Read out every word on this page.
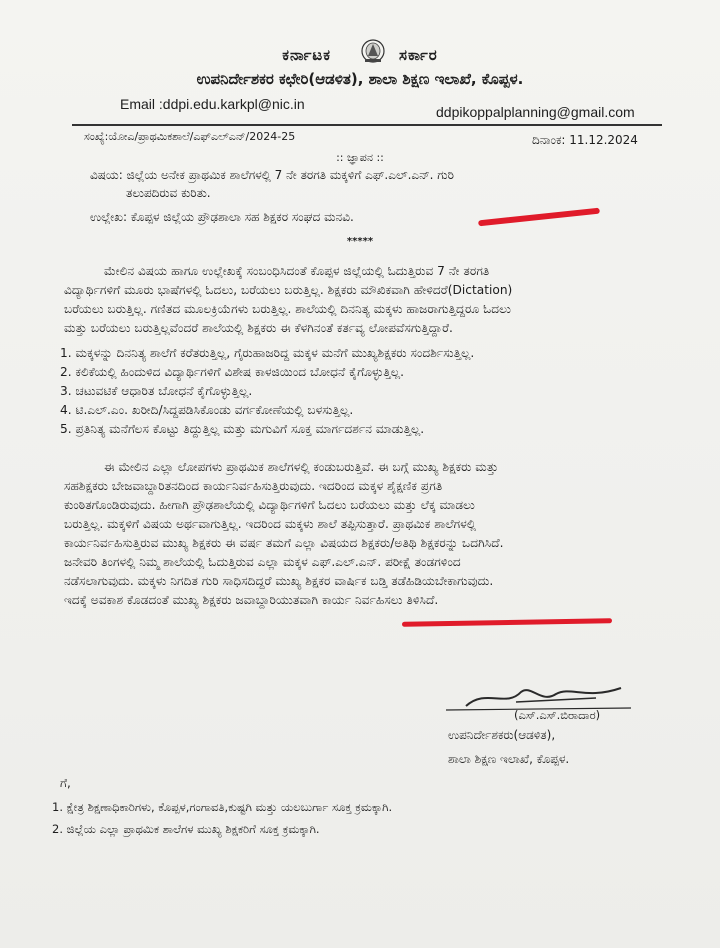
ಕರ್ನಾಟಕ	ಸರ್ಕಾರ
ಉಪನಿರ್ದೇಶಕರ ಕಛೇರಿ(ಆಡಳಿತ), ಶಾಲಾ ಶಿಕ್ಷಣ ಇಲಾಖೆ, ಕೊಪ್ಪಳ.
Email :ddpi.edu.karkpl@nic.in	ddpikoppalplanning@gmail.com
ಸಂಖ್ಯೆ:ಯೋಎ/ಪ್ರಾಥಮಿಕಶಾಲೆ/ಎಫ್ಎಲ್ಎನ್/2024-25	ದಿನಾಂಕ: 11.12.2024
:: ಜ್ಞಾಪನ ::
ವಿಷಯ: ಜಿಲ್ಲೆಯ ಅನೇಕ ಪ್ರಾಥಮಿಕ ಶಾಲೆಗಳಲ್ಲಿ 7 ನೇ ತರಗತಿ ಮಕ್ಕಳಿಗೆ ಎಫ್.ಎಲ್.ಎನ್. ಗುರಿ
ತಲುಪದಿರುವ ಕುರಿತು.
ಉಲ್ಲೇಖ: ಕೊಪ್ಪಳ ಜಿಲ್ಲೆಯ ಪ್ರೌಢಶಾಲಾ ಸಹ ಶಿಕ್ಷಕರ ಸಂಘದ ಮನವಿ.
*****
ಮೇಲಿನ ವಿಷಯ ಹಾಗೂ ಉಲ್ಲೇಖಕ್ಕೆ ಸಂಬಂಧಿಸಿದಂತೆ ಕೊಪ್ಪಳ ಜಿಲ್ಲೆಯಲ್ಲಿ ಓದುತ್ತಿರುವ 7 ನೇ ತರಗತಿ
ವಿದ್ಯಾರ್ಥಿಗಳಿಗೆ ಮೂರು ಭಾಷೆಗಳಲ್ಲಿ ಓದಲು, ಬರೆಯಲು ಬರುತ್ತಿಲ್ಲ. ಶಿಕ್ಷಕರು ಮೌಖಿಕವಾಗಿ ಹೇಳಿದರೆ(Dictation)
ಬರೆಯಲು ಬರುತ್ತಿಲ್ಲ. ಗಣಿತದ ಮೂಲಕ್ರಿಯೆಗಳು ಬರುತ್ತಿಲ್ಲ. ಶಾಲೆಯಲ್ಲಿ ದಿನನಿತ್ಯ ಮಕ್ಕಳು ಹಾಜರಾಗುತ್ತಿದ್ದರೂ ಓದಲು
ಮತ್ತು ಬರೆಯಲು ಬರುತ್ತಿಲ್ಲವೆಂದರೆ ಶಾಲೆಯಲ್ಲಿ ಶಿಕ್ಷಕರು ಈ ಕೆಳಗಿನಂತೆ ಕರ್ತವ್ಯ ಲೋಪವೆಸಗುತ್ತಿದ್ದಾರೆ.
1. ಮಕ್ಕಳನ್ನು ದಿನನಿತ್ಯ ಶಾಲೆಗೆ ಕರೆತರುತ್ತಿಲ್ಲ, ಗೈರುಹಾಜರಿದ್ದ ಮಕ್ಕಳ ಮನೆಗೆ ಮುಖ್ಯಶಿಕ್ಷಕರು ಸಂದರ್ಶಿಸುತ್ತಿಲ್ಲ.
2. ಕಲಿಕೆಯಲ್ಲಿ ಹಿಂದುಳಿದ ವಿದ್ಯಾರ್ಥಿಗಳಿಗೆ ವಿಶೇಷ ಕಾಳಜಿಯಿಂದ ಬೋಧನೆ ಕೈಗೊಳ್ಳುತ್ತಿಲ್ಲ.
3. ಚಟುವಟಿಕೆ ಆಧಾರಿತ ಬೋಧನೆ ಕೈಗೊಳ್ಳುತ್ತಿಲ್ಲ.
4. ಟಿ.ಎಲ್.ಎಂ. ಖರೀದಿ/ಸಿದ್ದಪಡಿಸಿಕೊಂಡು ವರ್ಗಕೋಣೆಯಲ್ಲಿ ಬಳಸುತ್ತಿಲ್ಲ.
5. ಪ್ರತಿನಿತ್ಯ ಮನೆಗೆಲಸ ಕೊಟ್ಟು ತಿದ್ದುತ್ತಿಲ್ಲ ಮತ್ತು ಮಗುವಿಗೆ ಸೂಕ್ತ ಮಾರ್ಗದರ್ಶನ ಮಾಡುತ್ತಿಲ್ಲ.
ಈ ಮೇಲಿನ ಎಲ್ಲಾ ಲೋಪಗಳು ಪ್ರಾಥಮಿಕ ಶಾಲೆಗಳಲ್ಲಿ ಕಂಡುಬರುತ್ತಿವೆ. ಈ ಬಗ್ಗೆ ಮುಖ್ಯ ಶಿಕ್ಷಕರು ಮತ್ತು
ಸಹಶಿಕ್ಷಕರು ಬೇಜವಾಬ್ದಾರಿತನದಿಂದ ಕಾರ್ಯನಿರ್ವಹಿಸುತ್ತಿರುವುದು. ಇದರಿಂದ ಮಕ್ಕಳ ಶೈಕ್ಷಣಿಕ ಪ್ರಗತಿ
ಕುಂಠಿತಗೊಂಡಿರುವುದು. ಹೀಗಾಗಿ ಪ್ರೌಢಶಾಲೆಯಲ್ಲಿ ವಿದ್ಯಾರ್ಥಿಗಳಿಗೆ ಓದಲು ಬರೆಯಲು ಮತ್ತು ಲೆಕ್ಕ ಮಾಡಲು
ಬರುತ್ತಿಲ್ಲ. ಮಕ್ಕಳಿಗೆ ವಿಷಯ ಅರ್ಥವಾಗುತ್ತಿಲ್ಲ. ಇದರಿಂದ ಮಕ್ಕಳು ಶಾಲೆ ತಪ್ಪಿಸುತ್ತಾರೆ. ಪ್ರಾಥಮಿಕ ಶಾಲೆಗಳಲ್ಲಿ
ಕಾರ್ಯನಿರ್ವಹಿಸುತ್ತಿರುವ ಮುಖ್ಯ ಶಿಕ್ಷಕರು ಈ ವರ್ಷ ತಮಗೆ ಎಲ್ಲಾ ವಿಷಯದ ಶಿಕ್ಷಕರು/ಅತಿಥಿ ಶಿಕ್ಷಕರನ್ನು ಒದಗಿಸಿದೆ.
ಜನೇವರಿ ತಿಂಗಳಲ್ಲಿ ನಿಮ್ಮ ಶಾಲೆಯಲ್ಲಿ ಓದುತ್ತಿರುವ ಎಲ್ಲಾ ಮಕ್ಕಳ ಎಫ್.ಎಲ್.ಎನ್. ಪರೀಕ್ಷೆ ತಂಡಗಳಿಂದ
ನಡೆಸಲಾಗುವುದು. ಮಕ್ಕಳು ನಿಗದಿತ ಗುರಿ ಸಾಧಿಸದಿದ್ದರೆ ಮುಖ್ಯ ಶಿಕ್ಷಕರ ವಾರ್ಷಿಕ ಬಡ್ತಿ ತಡೆಹಿಡಿಯಬೇಕಾಗುವುದು.
ಇದಕ್ಕೆ ಅವಕಾಶ ಕೊಡದಂತೆ ಮುಖ್ಯ ಶಿಕ್ಷಕರು ಜವಾಬ್ದಾರಿಯುತವಾಗಿ ಕಾರ್ಯ ನಿರ್ವಹಿಸಲು ತಿಳಿಸಿದೆ.
(ಎಸ್.ಎಸ್.ಬಿರಾದಾರ)
ಉಪನಿರ್ದೇಶಕರು(ಆಡಳಿತ),
ಶಾಲಾ ಶಿಕ್ಷಣ ಇಲಾಖೆ, ಕೊಪ್ಪಳ.
ಗೆ,
1. ಕ್ಷೇತ್ರ ಶಿಕ್ಷಣಾಧಿಕಾರಿಗಳು, ಕೊಪ್ಪಳ,ಗಂಗಾವತಿ,ಕುಷ್ಟಗಿ ಮತ್ತು ಯಲಬುರ್ಗಾ ಸೂಕ್ತ ಕ್ರಮಕ್ಕಾಗಿ.
2. ಜಿಲ್ಲೆಯ ಎಲ್ಲಾ ಪ್ರಾಥಮಿಕ ಶಾಲೆಗಳ ಮುಖ್ಯ ಶಿಕ್ಷಕರಿಗೆ ಸೂಕ್ತ ಕ್ರಮಕ್ಕಾಗಿ.
